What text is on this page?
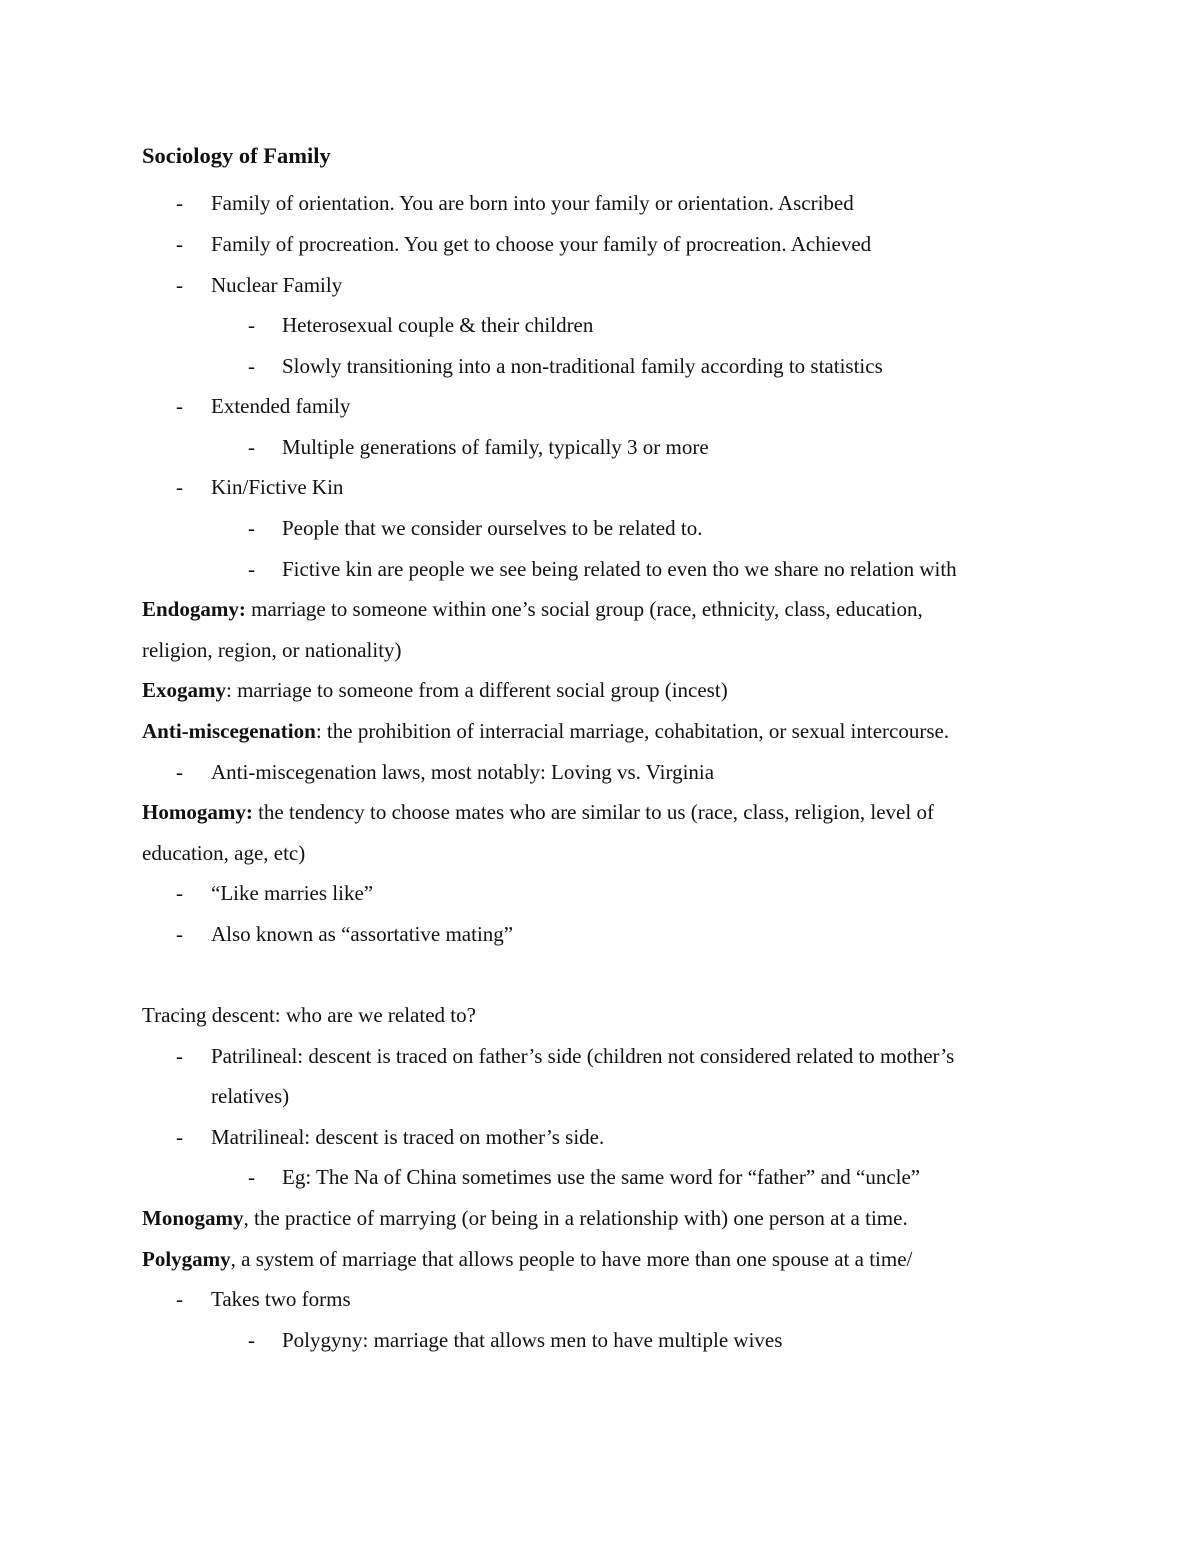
Sociology of Family
- Family of orientation. You are born into your family or orientation. Ascribed
- Family of procreation. You get to choose your family of procreation. Achieved
- Nuclear Family
- Heterosexual couple & their children
- Slowly transitioning into a non-traditional family according to statistics
- Extended family
- Multiple generations of family, typically 3 or more
- Kin/Fictive Kin
- People that we consider ourselves to be related to.
- Fictive kin are people we see being related to even tho we share no relation with
Endogamy: marriage to someone within one’s social group (race, ethnicity, class, education,
religion, region, or nationality)
Exogamy: marriage to someone from a different social group (incest)
Anti-miscegenation: the prohibition of interracial marriage, cohabitation, or sexual intercourse.
- Anti-miscegenation laws, most notably: Loving vs. Virginia
Homogamy: the tendency to choose mates who are similar to us (race, class, religion, level of
education, age, etc)
- “Like marries like”
- Also known as “assortative mating”
Tracing descent: who are we related to?
- Patrilineal: descent is traced on father’s side (children not considered related to mother’s
relatives)
- Matrilineal: descent is traced on mother’s side.
- Eg: The Na of China sometimes use the same word for “father” and “uncle”
Monogamy, the practice of marrying (or being in a relationship with) one person at a time.
Polygamy, a system of marriage that allows people to have more than one spouse at a time/
- Takes two forms
- Polygyny: marriage that allows men to have multiple wives
